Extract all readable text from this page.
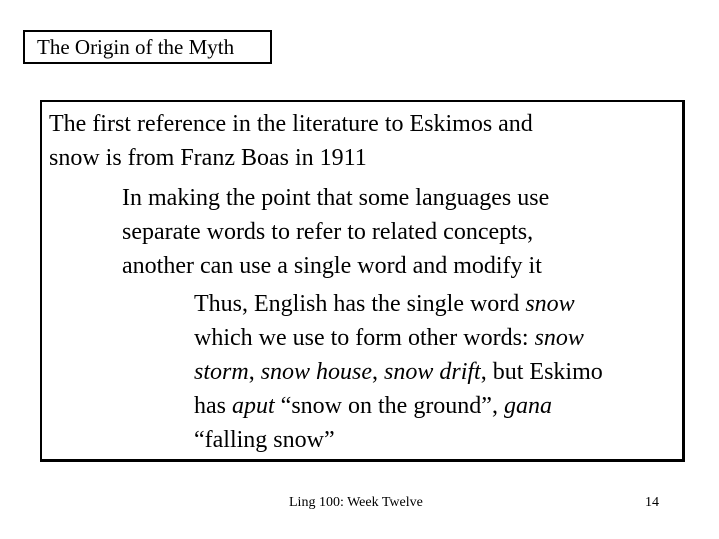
The Origin of the Myth
The first reference in the literature to Eskimos and
snow is from Franz Boas in 1911
In making the point that some languages use
separate words to refer to related concepts,
another can use a single word and modify it
Thus, English has the single word snow
which we use to form other words: snow
storm, snow house, snow drift, but Eskimo
has aput “snow on the ground”, gana
“falling snow”
Ling 100: Week Twelve	14
